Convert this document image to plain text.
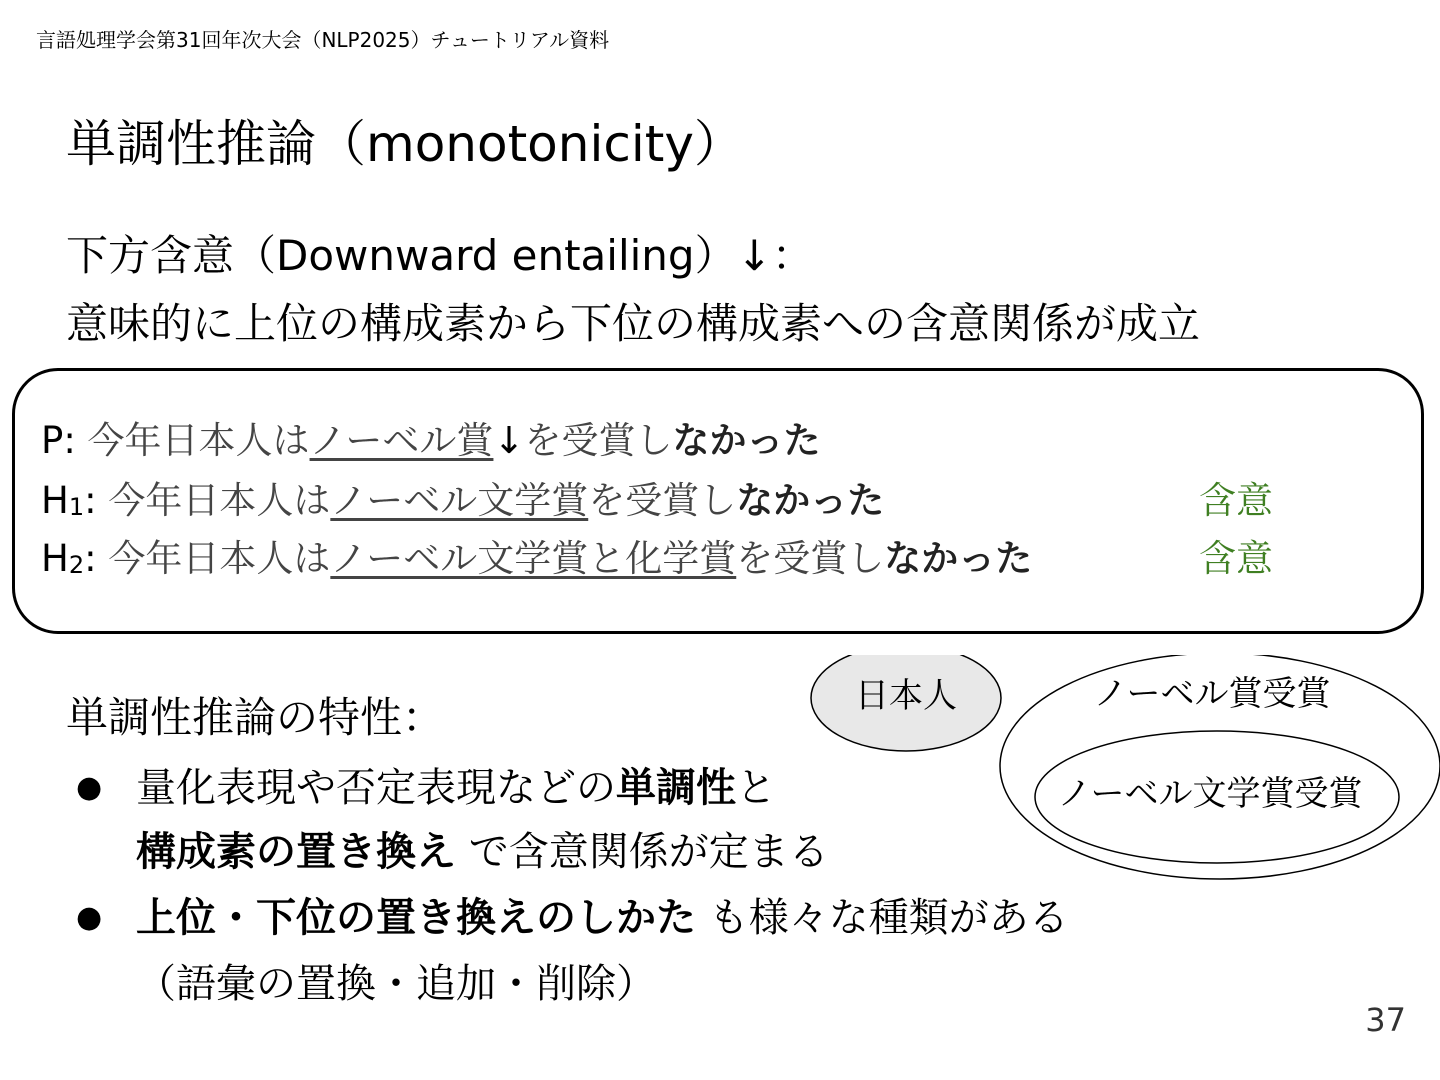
言語処理学会第31回年次大会（NLP2025）チュートリアル資料
単調性推論（monotonicity）
下方含意（Downward entailing）↓：
意味的に上位の構成素から下位の構成素への含意関係が成立
P: 今年日本人はノーベル賞↓を受賞しなかった
$H_1$: 今年日本人はノーベル文学賞を受賞しなかった	含意
$H_2$: 今年日本人はノーベル文学賞と化学賞を受賞しなかった	含意
単調性推論の特性：
● 量化表現や否定表現などの単調性と
構成素の置き換え で含意関係が定まる
● 上位・下位の置き換えのしかた も様々な種類がある
（語彙の置換・追加・削除）
日本人	ノーベル賞受賞
ノーベル文学賞受賞
37
